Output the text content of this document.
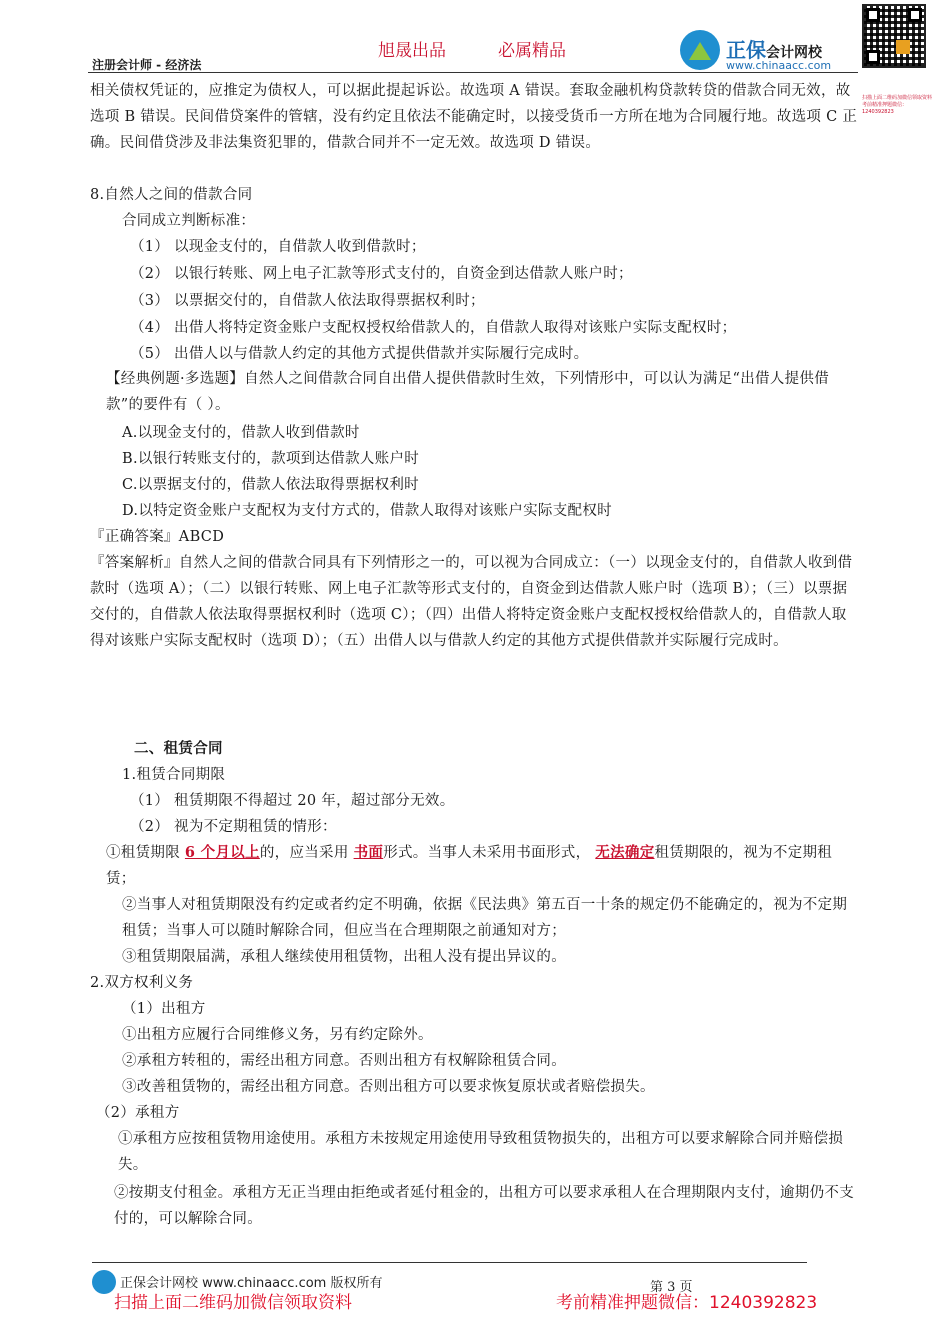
旭晟出品	必属精品
注册会计师 - 经济法
正保会计网校
www.chinaacc.com
扫描上面二维码加微信领取资料 考前精准押题微信：1240392823

相关债权凭证的，应推定为债权人，可以据此提起诉讼。故选项 A 错误。套取金融机构贷款转贷的借款合同无效，故选项 B 错误。民间借贷案件的管辖，没有约定且依法不能确定时，以接受货币一方所在地为合同履行地。故选项 C 正确。民间借贷涉及非法集资犯罪的，借款合同并不一定无效。故选项 D 错误。

8.自然人之间的借款合同

合同成立判断标准：

（1） 以现金支付的，自借款人收到借款时；

（2） 以银行转账、网上电子汇款等形式支付的，自资金到达借款人账户时；

（3） 以票据交付的，自借款人依法取得票据权利时；

（4） 出借人将特定资金账户支配权授权给借款人的，自借款人取得对该账户实际支配权时；

（5） 出借人以与借款人约定的其他方式提供借款并实际履行完成时。

【经典例题·多选题】自然人之间借款合同自出借人提供借款时生效，下列情形中，可以认为满足“出借人提供借款”的要件有（ ）。

A.以现金支付的，借款人收到借款时

B.以银行转账支付的，款项到达借款人账户时

C.以票据支付的，借款人依法取得票据权利时

D.以特定资金账户支配权为支付方式的，借款人取得对该账户实际支配权时

『正确答案』ABCD

『答案解析』自然人之间的借款合同具有下列情形之一的，可以视为合同成立：（一）以现金支付的，自借款人收到借款时（选项 A）；（二）以银行转账、网上电子汇款等形式支付的，自资金到达借款人账户时（选项 B）；（三）以票据交付的，自借款人依法取得票据权利时（选项 C）；（四）出借人将特定资金账户支配权授权给借款人的，自借款人取得对该账户实际支配权时（选项 D）；（五）出借人以与借款人约定的其他方式提供借款并实际履行完成时。

二、租赁合同

1.租赁合同期限

（1） 租赁期限不得超过 20 年，超过部分无效。

（2） 视为不定期租赁的情形：

①租赁期限 6 个月以上的，应当采用 书面形式。当事人未采用书面形式， 无法确定租赁期限的，视为不定期租赁；

②当事人对租赁期限没有约定或者约定不明确，依据《民法典》第五百一十条的规定仍不能确定的，视为不定期租赁；当事人可以随时解除合同，但应当在合理期限之前通知对方；

③租赁期限届满，承租人继续使用租赁物，出租人没有提出异议的。

2.双方权利义务

（1）出租方

①出租方应履行合同维修义务，另有约定除外。

②承租方转租的，需经出租方同意。否则出租方有权解除租赁合同。

③改善租赁物的，需经出租方同意。否则出租方可以要求恢复原状或者赔偿损失。

（2）承租方

①承租方应按租赁物用途使用。承租方未按规定用途使用导致租赁物损失的，出租方可以要求解除合同并赔偿损失。

②按期支付租金。承租方无正当理由拒绝或者延付租金的，出租方可以要求承租人在合理期限内支付，逾期仍不支付的，可以解除合同。

正保会计网校 www.chinaacc.com 版权所有	第 3 页
扫描上面二维码加微信领取资料	考前精准押题微信：1240392823
